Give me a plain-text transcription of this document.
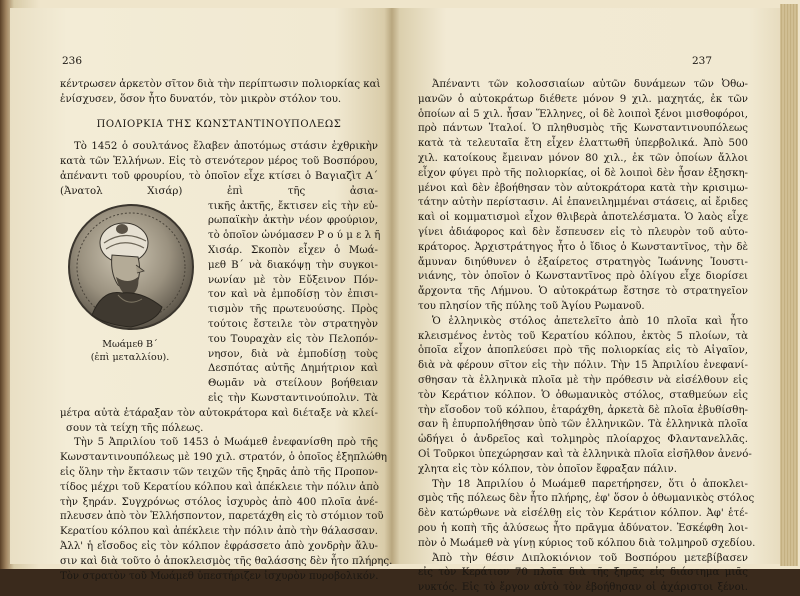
236
κέντρωσεν ἀρκετὸν σῖτον διὰ τὴν περίπτωσιν πολιορκίας καὶ
ἐνίσχυσεν, ὅσον ἦτο δυνατόν, τὸν μικρὸν στόλον του.
ΠΟΛΙΟΡΚΙΑ ΤΗΣ ΚΩΝΣΤΑΝΤΙΝΟΥΠΟΛΕΩΣ
Τὸ 1452 ὁ σουλτάνος ἔλαβεν ἀποτόμως στάσιν ἐχθρικὴν
κατὰ τῶν Ἑλλήνων. Εἰς τὸ στενότερον μέρος τοῦ Βοσπόρου,
ἀπέναντι τοῦ φρουρίου, τὸ ὁποῖον εἶχε κτίσει ὁ Βαγιαζὶτ Α΄
(Ἀνατολ Χισάρ) ἐπὶ τῆς ἀσια-
τικῆς ἀκτῆς, ἔκτισεν εἰς τὴν εὐ-
ρωπαϊκὴν ἀκτὴν νέον φρούριον,
τὸ ὁποῖον ὠνόμασεν Ρ ο ύ μ ε λ ῆ
Χισάρ. Σκοπὸν εἶχεν ὁ Μωά-
μεθ Β΄ νὰ διακόψῃ τὴν συγκοι-
νωνίαν μὲ τὸν Εὔξεινον Πόν-
τον καὶ νὰ ἐμποδίσῃ τὸν ἐπισι-
τισμὸν τῆς πρωτευούσης. Πρὸς
τούτοις ἔστειλε τὸν στρατηγὸν
του Τουραχὰν εἰς τὸν Πελοπόν-
νησον, διὰ νὰ ἐμποδίσῃ τοὺς
Δεσπότας αὐτῆς Δημήτριον καὶ
Θωμᾶν νὰ στείλουν βοήθειαν
εἰς τὴν Κωνσταντινούπολιν. Τὰ
μέτρα αὐτὰ ἐτάραξαν τὸν αὐτοκράτορα καὶ διέταξε νὰ κλεί-
σουν τὰ τείχη τῆς πόλεως.
Τὴν 5 Ἀπριλίου τοῦ 1453 ὁ Μωάμεθ ἐνεφανίσθη πρὸ τῆς
Κωνσταντινουπόλεως μὲ 190 χιλ. στρατόν, ὁ ὁποῖος ἐξηπλώθη
εἰς ὅλην τὴν ἔκτασιν τῶν τειχῶν τῆς ξηρᾶς ἀπὸ τῆς Προπον-
τίδος μέχρι τοῦ Κερατίου κόλπου καὶ ἀπέκλειε τὴν πόλιν ἀπὸ
τὴν ξηράν. Συγχρόνως στόλος ἰσχυρὸς ἀπὸ 400 πλοῖα ἀνέ-
πλευσεν ἀπὸ τὸν Ἑλλήσποντον, παρετάχθη εἰς τὸ στόμιον τοῦ
Κερατίου κόλπου καὶ ἀπέκλειε τὴν πόλιν ἀπὸ τὴν θάλασσαν.
Ἀλλ' ἡ εἴσοδος εἰς τὸν κόλπον ἐφράσσετο ἀπὸ χονδρὴν ἅλυ-
σιν καὶ διὰ τοῦτο ὁ ἀποκλεισμὸς τῆς θαλάσσης δὲν ἦτο πλήρης.
Τὸν στρατὸν τοῦ Μωάμεθ ὑπεστήριζεν ἰσχυρὸν πυροβολικόν.
Μωάμεθ Β΄
(ἐπὶ μεταλλίου).
237
Ἀπέναντι τῶν κολοσσιαίων αὐτῶν δυνάμεων τῶν Ὀθω-
μανῶν ὁ αὐτοκράτωρ διέθετε μόνον 9 χιλ. μαχητάς, ἐκ τῶν
ὁποίων αἱ 5 χιλ. ἦσαν Ἕλληνες, οἱ δὲ λοιποὶ ξένοι μισθοφόροι,
πρὸ πάντων Ἰταλοί. Ὁ πληθυσμὸς τῆς Κωνσταντινουπόλεως
κατὰ τὰ τελευταῖα ἔτη εἶχεν ἐλαττωθῆ ὑπερβολικά. Ἀπὸ 500
χιλ. κατοίκους ἔμειναν μόνον 80 χιλ., ἐκ τῶν ὁποίων ἄλλοι
εἶχον φύγει πρὸ τῆς πολιορκίας, οἱ δὲ λοιποὶ δὲν ἦσαν ἐξησκη-
μένοι καὶ δὲν ἐβοήθησαν τὸν αὐτοκράτορα κατὰ τὴν κρισιμω-
τάτην αὐτὴν περίστασιν. Αἱ ἐπανειλημμέναι στάσεις, αἱ ἔριδες
καὶ οἱ κομματισμοὶ εἶχον θλιβερὰ ἀποτελέσματα. Ὁ λαὸς εἶχε
γίνει ἀδιάφορος καὶ δὲν ἔσπευσεν εἰς τὸ πλευρὸν τοῦ αὐτο-
κράτορος. Ἀρχιστράτηγος ἦτο ὁ ἴδιος ὁ Κωνσταντῖνος, τὴν δὲ
ἄμυναν διηύθυνεν ὁ ἐξαίρετος στρατηγὸς Ἰωάννης Ἰουστι-
νιάνης, τὸν ὁποῖον ὁ Κωνσταντῖνος πρὸ ὀλίγου εἶχε διορίσει
ἄρχοντα τῆς Λήμνου. Ὁ αὐτοκράτωρ ἔστησε τὸ στρατηγεῖον
του πλησίον τῆς πύλης τοῦ Ἁγίου Ρωμανοῦ.
Ὁ ἑλληνικὸς στόλος ἀπετελεῖτο ἀπὸ 10 πλοῖα καὶ ἦτο
κλεισμένος ἐντὸς τοῦ Κερατίου κόλπου, ἐκτὸς 5 πλοίων, τὰ
ὁποῖα εἶχον ἀποπλεύσει πρὸ τῆς πολιορκίας εἰς τὸ Αἰγαῖον,
διὰ νὰ φέρουν σῖτον εἰς τὴν πόλιν. Τὴν 15 Ἀπριλίου ἐνεφανί-
σθησαν τὰ ἑλληνικὰ πλοῖα μὲ τὴν πρόθεσιν νὰ εἰσέλθουν εἰς
τὸν Κεράτιον κόλπον. Ὁ ὀθωμανικὸς στόλος, σταθμεύων εἰς
τὴν εἴσοδον τοῦ κόλπου, ἐταράχθη, ἀρκετὰ δὲ πλοῖα ἐβυθίσθη-
σαν ἢ ἐπυρπολήθησαν ὑπὸ τῶν ἑλληνικῶν. Τὰ ἑλληνικὰ πλοῖα
ὡδήγει ὁ ἀνδρεῖος καὶ τολμηρὸς πλοίαρχος Φλαντανελλᾶς.
Οἱ Τοῦρκοι ὑπεχώρησαν καὶ τὰ ἑλληνικὰ πλοῖα εἰσῆλθον ἀνενό-
χλητα εἰς τὸν κόλπον, τὸν ὁποῖον ἔφραξαν πάλιν.
Τὴν 18 Ἀπριλίου ὁ Μωάμεθ παρετήρησεν, ὅτι ὁ ἀποκλει-
σμὸς τῆς πόλεως δὲν ἦτο πλήρης, ἐφ' ὅσον ὁ ὀθωμανικὸς στόλος
δὲν κατώρθωνε νὰ εἰσέλθῃ εἰς τὸν Κεράτιον κόλπον. Ἀφ' ἑτέ-
ρου ἡ κοπὴ τῆς ἁλύσεως ἦτο πρᾶγμα ἀδύνατον. Ἐσκέφθη λοι-
πὸν ὁ Μωάμεθ νὰ γίνῃ κύριος τοῦ κόλπου διὰ τολμηροῦ σχεδίου.
Ἀπὸ τὴν θέσιν Διπλοκιόνιον τοῦ Βοσπόρου μετεβίβασεν
εἰς τὸν Κεράτιον 70 πλοῖα διὰ τῆς ξηρᾶς εἰς διάστημα μιᾶς
νυκτός. Εἰς τὸ ἔργον αὐτὸ τὸν ἐβοήθησαν οἱ ἀχάριστοι ξένοι.
